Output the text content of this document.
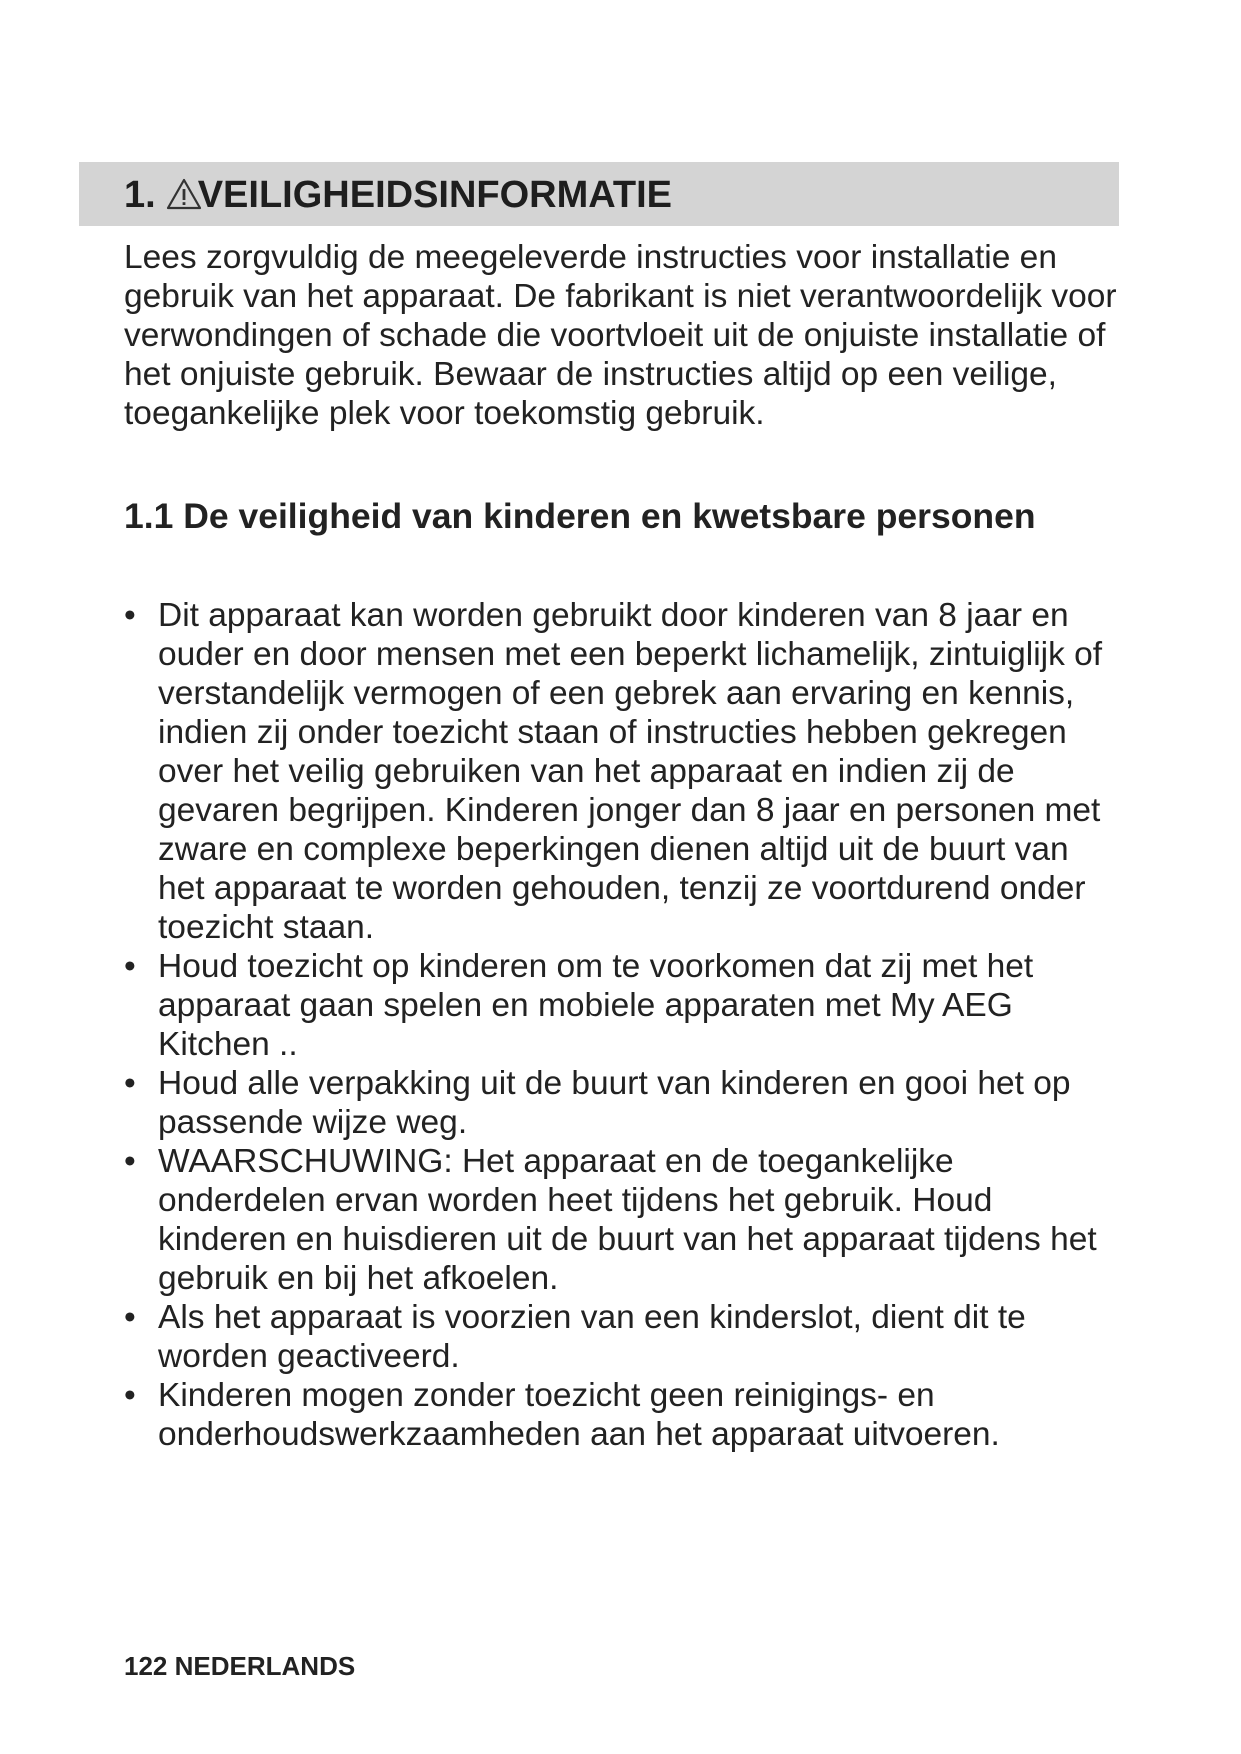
1. VEILIGHEIDSINFORMATIE

Lees zorgvuldig de meegeleverde instructies voor installatie en gebruik van het apparaat. De fabrikant is niet verantwoordelijk voor verwondingen of schade die voortvloeit uit de onjuiste installatie of het onjuiste gebruik. Bewaar de instructies altijd op een veilige, toegankelijke plek voor toekomstig gebruik.

1.1 De veiligheid van kinderen en kwetsbare personen
• Dit apparaat kan worden gebruikt door kinderen van 8 jaar en ouder en door mensen met een beperkt lichamelijk, zintuiglijk of verstandelijk vermogen of een gebrek aan ervaring en kennis, indien zij onder toezicht staan of instructies hebben gekregen over het veilig gebruiken van het apparaat en indien zij de gevaren begrijpen. Kinderen jonger dan 8 jaar en personen met zware en complexe beperkingen dienen altijd uit de buurt van het apparaat te worden gehouden, tenzij ze voortdurend onder toezicht staan.
• Houd toezicht op kinderen om te voorkomen dat zij met het apparaat gaan spelen en mobiele apparaten met My AEG Kitchen ..
• Houd alle verpakking uit de buurt van kinderen en gooi het op passende wijze weg.
• WAARSCHUWING: Het apparaat en de toegankelijke onderdelen ervan worden heet tijdens het gebruik. Houd kinderen en huisdieren uit de buurt van het apparaat tijdens het gebruik en bij het afkoelen.
• Als het apparaat is voorzien van een kinderslot, dient dit te worden geactiveerd.
• Kinderen mogen zonder toezicht geen reinigings- en onderhoudswerkzaamheden aan het apparaat uitvoeren.
122 NEDERLANDS
